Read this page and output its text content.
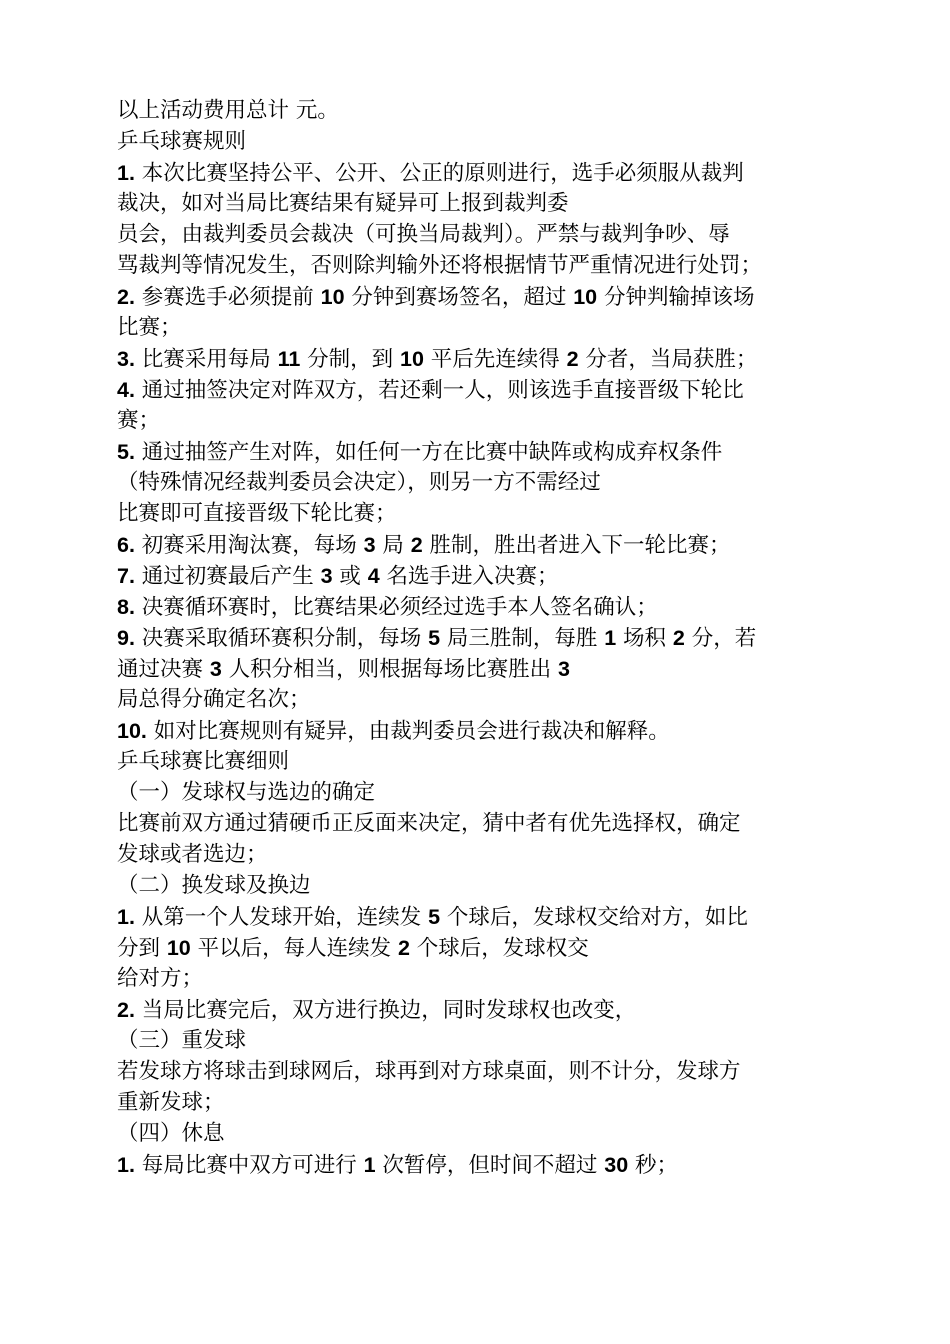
以上活动费用总计 元。
乒乓球赛规则
1. 本次比赛坚持公平、公开、公正的原则进行，选手必须服从裁判
裁决，如对当局比赛结果有疑异可上报到裁判委
员会，由裁判委员会裁决（可换当局裁判）。严禁与裁判争吵、辱
骂裁判等情况发生，否则除判输外还将根据情节严重情况进行处罚；
2. 参赛选手必须提前 10 分钟到赛场签名，超过 10 分钟判输掉该场
比赛；
3. 比赛采用每局 11 分制，到 10 平后先连续得 2 分者，当局获胜；
4. 通过抽签决定对阵双方，若还剩一人，则该选手直接晋级下轮比
赛；
5. 通过抽签产生对阵，如任何一方在比赛中缺阵或构成弃权条件
（特殊情况经裁判委员会决定），则另一方不需经过
比赛即可直接晋级下轮比赛；
6. 初赛采用淘汰赛，每场 3 局 2 胜制，胜出者进入下一轮比赛；
7. 通过初赛最后产生 3 或 4 名选手进入决赛；
8. 决赛循环赛时，比赛结果必须经过选手本人签名确认；
9. 决赛采取循环赛积分制，每场 5 局三胜制，每胜 1 场积 2 分，若
通过决赛 3 人积分相当，则根据每场比赛胜出 3
局总得分确定名次；
10. 如对比赛规则有疑异，由裁判委员会进行裁决和解释。
乒乓球赛比赛细则
（一）发球权与选边的确定
比赛前双方通过猜硬币正反面来决定，猜中者有优先选择权，确定
发球或者选边；
（二）换发球及换边
1. 从第一个人发球开始，连续发 5 个球后，发球权交给对方，如比
分到 10 平以后，每人连续发 2 个球后，发球权交
给对方；
2. 当局比赛完后，双方进行换边，同时发球权也改变，
（三）重发球
若发球方将球击到球网后，球再到对方球桌面，则不计分，发球方
重新发球；
（四）休息
1. 每局比赛中双方可进行 1 次暂停，但时间不超过 30 秒；
